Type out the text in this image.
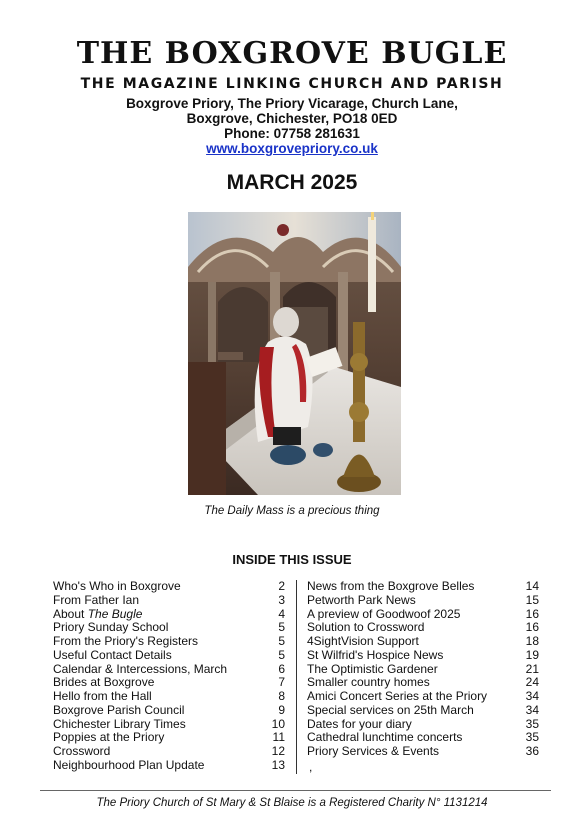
THE BOXGROVE BUGLE
THE MAGAZINE LINKING CHURCH AND PARISH
Boxgrove Priory, The Priory Vicarage, Church Lane,
Boxgrove, Chichester, PO18 0ED
Phone: 07758 281631
www.boxgrovepriory.co.uk
MARCH 2025
The Daily Mass is a precious thing
INSIDE THIS ISSUE
Who's Who in Boxgrove	2
From Father Ian	3
About The Bugle	4
Priory Sunday School	5
From the Priory's Registers	5
Useful Contact Details	5
Calendar & Intercessions, March	6
Brides at Boxgrove	7
Hello from the Hall	8
Boxgrove Parish Council	9
Chichester Library Times	10
Poppies at the Priory	11
Crossword	12
Neighbourhood Plan Update	13
News from the Boxgrove Belles	14
Petworth Park News	15
A preview of Goodwoof 2025	16
Solution to Crossword	16
4SightVision Support	18
St Wilfrid's Hospice News	19
The Optimistic Gardener	21
Smaller country homes	24
Amici Concert Series at the Priory	34
Special services on 25th March	34
Dates for your diary	35
Cathedral lunchtime concerts	35
Priory Services & Events	36
,
The Priory Church of St Mary & St Blaise is a Registered Charity N° 1131214
